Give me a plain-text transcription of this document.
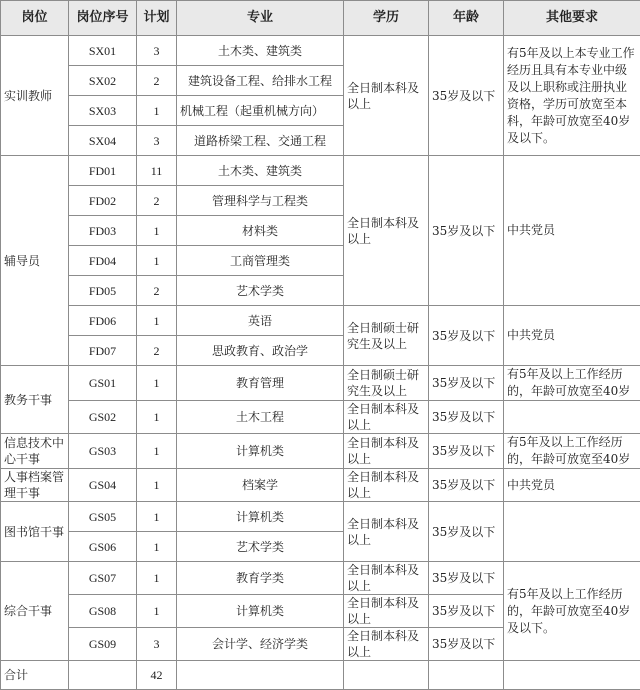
岗位	岗位序号	计划	专业	学历	年龄	其他要求
实训教师	SX01	3	土木类、建筑类	全日制本科及以上	35岁及以下	有5年及以上本专业工作经历且具有本专业中级及以上职称或注册执业资格，学历可放宽至本科，年龄可放宽至40岁及以下。
	SX02	2	建筑设备工程、给排水工程			
	SX03	1	机械工程（起重机械方向）			
	SX04	3	道路桥梁工程、交通工程			
辅导员	FD01	11	土木类、建筑类	全日制本科及以上	35岁及以下	中共党员
	FD02	2	管理科学与工程类			
	FD03	1	材料类			
	FD04	1	工商管理类			
	FD05	2	艺术学类			
	FD06	1	英语	全日制硕士研究生及以上	35岁及以下	中共党员
	FD07	2	思政教育、政治学			
教务干事	GS01	1	教育管理	全日制硕士研究生及以上	35岁及以下	有5年及以上工作经历的，年龄可放宽至40岁
	GS02	1	土木工程	全日制本科及以上	35岁及以下	
信息技术中心干事	GS03	1	计算机类	全日制本科及以上	35岁及以下	有5年及以上工作经历的，年龄可放宽至40岁
人事档案管理干事	GS04	1	档案学	全日制本科及以上	35岁及以下	中共党员
图书馆干事	GS05	1	计算机类	全日制本科及以上	35岁及以下	
	GS06	1	艺术学类			
综合干事	GS07	1	教育学类	全日制本科及以上	35岁及以下	有5年及以上工作经历的，年龄可放宽至40岁及以下。
	GS08	1	计算机类	全日制本科及以上	35岁及以下	
	GS09	3	会计学、经济学类	全日制本科及以上	35岁及以下	
合计		42				
